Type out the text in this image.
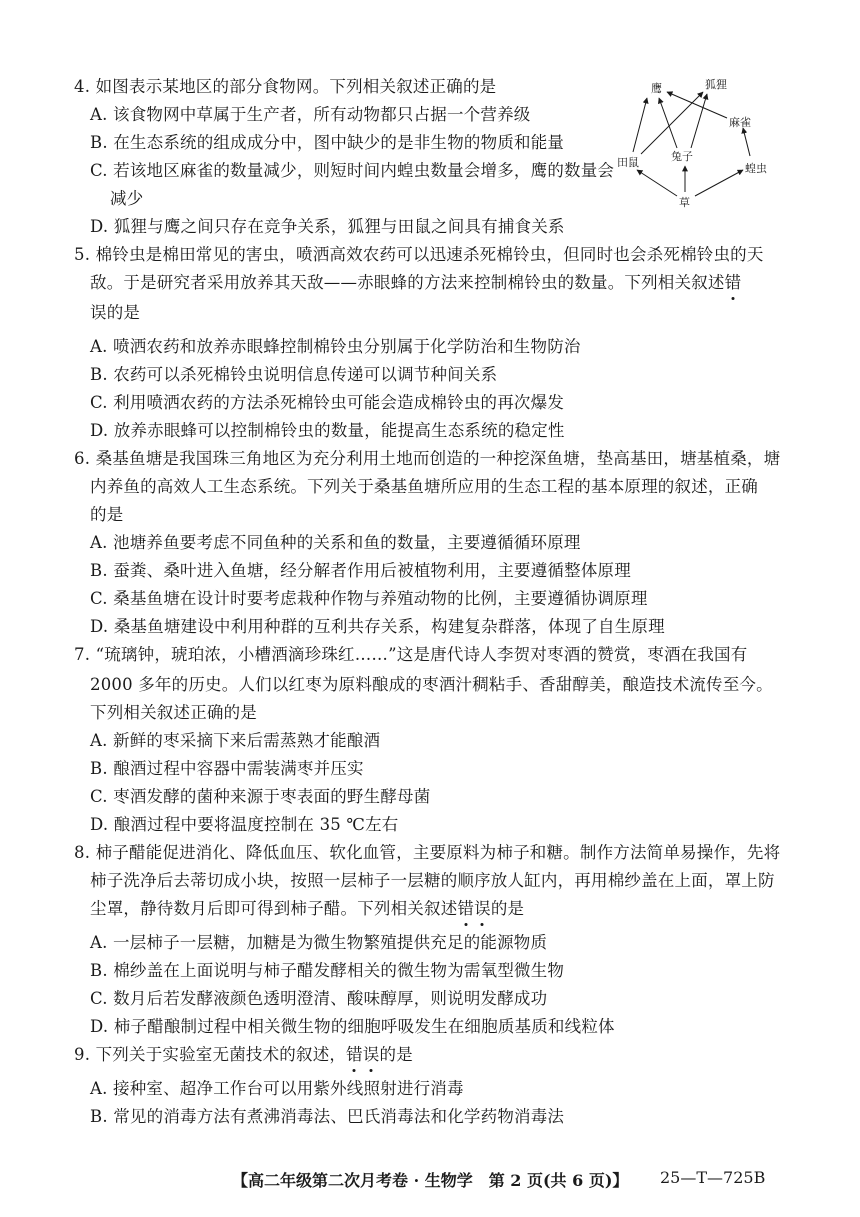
4. 如图表示某地区的部分食物网。下列相关叙述正确的是
A. 该食物网中草属于生产者，所有动物都只占据一个营养级
B. 在生态系统的组成成分中，图中缺少的是非生物的物质和能量
C. 若该地区麻雀的数量减少，则短时间内蝗虫数量会增多，鹰的数量会
减少
D. 狐狸与鹰之间只存在竞争关系，狐狸与田鼠之间具有捕食关系
鹰	狐狸
麻雀
兔子
田鼠	蝗虫
草
5. 棉铃虫是棉田常见的害虫，喷洒高效农药可以迅速杀死棉铃虫，但同时也会杀死棉铃虫的天
敌。于是研究者采用放养其天敌——赤眼蜂的方法来控制棉铃虫的数量。下列相关叙述错
误的是
A. 喷洒农药和放养赤眼蜂控制棉铃虫分别属于化学防治和生物防治
B. 农药可以杀死棉铃虫说明信息传递可以调节种间关系
C. 利用喷洒农药的方法杀死棉铃虫可能会造成棉铃虫的再次爆发
D. 放养赤眼蜂可以控制棉铃虫的数量，能提高生态系统的稳定性
6. 桑基鱼塘是我国珠三角地区为充分利用土地而创造的一种挖深鱼塘，垫高基田，塘基植桑，塘
内养鱼的高效人工生态系统。下列关于桑基鱼塘所应用的生态工程的基本原理的叙述，正确
的是
A. 池塘养鱼要考虑不同鱼种的关系和鱼的数量，主要遵循循环原理
B. 蚕粪、桑叶进入鱼塘，经分解者作用后被植物利用，主要遵循整体原理
C. 桑基鱼塘在设计时要考虑栽种作物与养殖动物的比例，主要遵循协调原理
D. 桑基鱼塘建设中利用种群的互利共存关系，构建复杂群落，体现了自生原理
7. “琉璃钟，琥珀浓，小槽酒滴珍珠红……”这是唐代诗人李贺对枣酒的赞赏，枣酒在我国有
2000 多年的历史。人们以红枣为原料酿成的枣酒汁稠粘手、香甜醇美，酿造技术流传至今。
下列相关叙述正确的是
A. 新鲜的枣采摘下来后需蒸熟才能酿酒
B. 酿酒过程中容器中需装满枣并压实
C. 枣酒发酵的菌种来源于枣表面的野生酵母菌
D. 酿酒过程中要将温度控制在 35 ℃左右
8. 柿子醋能促进消化、降低血压、软化血管，主要原料为柿子和糖。制作方法简单易操作，先将
柿子洗净后去蒂切成小块，按照一层柿子一层糖的顺序放人缸内，再用棉纱盖在上面，罩上防
尘罩，静待数月后即可得到柿子醋。下列相关叙述错误的是
A. 一层柿子一层糖，加糖是为微生物繁殖提供充足的能源物质
B. 棉纱盖在上面说明与柿子醋发酵相关的微生物为需氧型微生物
C. 数月后若发酵液颜色透明澄清、酸味醇厚，则说明发酵成功
D. 柿子醋酿制过程中相关微生物的细胞呼吸发生在细胞质基质和线粒体
9. 下列关于实验室无菌技术的叙述，错误的是
A. 接种室、超净工作台可以用紫外线照射进行消毒
B. 常见的消毒方法有煮沸消毒法、巴氏消毒法和化学药物消毒法
【高二年级第二次月考卷 · 生物学　第 2 页(共 6 页)】 25—T—725B
